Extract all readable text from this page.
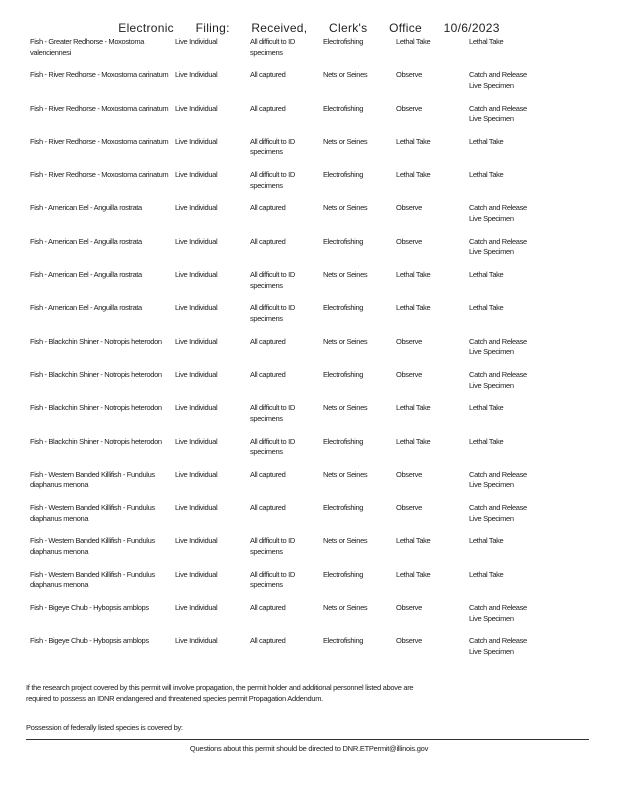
Electronic Filing: Received, Clerk's Office 10/6/2023
Fish - Greater Redhorse - Moxostoma valenciennesi	Live Individual	All difficult to ID specimens	Electrofishing	Lethal Take	Lethal Take
Fish - River Redhorse - Moxostoma carinatum	Live Individual	All captured	Nets or Seines	Observe	Catch and Release Live Specimen
Fish - River Redhorse - Moxostoma carinatum	Live Individual	All captured	Electrofishing	Observe	Catch and Release Live Specimen
Fish - River Redhorse - Moxostoma carinatum	Live Individual	All difficult to ID specimens	Nets or Seines	Lethal Take	Lethal Take
Fish - River Redhorse - Moxostoma carinatum	Live Individual	All difficult to ID specimens	Electrofishing	Lethal Take	Lethal Take
Fish - American Eel - Anguilla rostrata	Live Individual	All captured	Nets or Seines	Observe	Catch and Release Live Specimen
Fish - American Eel - Anguilla rostrata	Live Individual	All captured	Electrofishing	Observe	Catch and Release Live Specimen
Fish - American Eel - Anguilla rostrata	Live Individual	All difficult to ID specimens	Nets or Seines	Lethal Take	Lethal Take
Fish - American Eel - Anguilla rostrata	Live Individual	All difficult to ID specimens	Electrofishing	Lethal Take	Lethal Take
Fish - Blackchin Shiner - Notropis heterodon	Live Individual	All captured	Nets or Seines	Observe	Catch and Release Live Specimen
Fish - Blackchin Shiner - Notropis heterodon	Live Individual	All captured	Electrofishing	Observe	Catch and Release Live Specimen
Fish - Blackchin Shiner - Notropis heterodon	Live Individual	All difficult to ID specimens	Nets or Seines	Lethal Take	Lethal Take
Fish - Blackchin Shiner - Notropis heterodon	Live Individual	All difficult to ID specimens	Electrofishing	Lethal Take	Lethal Take
Fish - Western Banded Killifish - Fundulus diaphanus menona	Live Individual	All captured	Nets or Seines	Observe	Catch and Release Live Specimen
Fish - Western Banded Killifish - Fundulus diaphanus menona	Live Individual	All captured	Electrofishing	Observe	Catch and Release Live Specimen
Fish - Western Banded Killifish - Fundulus diaphanus menona	Live Individual	All difficult to ID specimens	Nets or Seines	Lethal Take	Lethal Take
Fish - Western Banded Killifish - Fundulus diaphanus menona	Live Individual	All difficult to ID specimens	Electrofishing	Lethal Take	Lethal Take
Fish - Bigeye Chub - Hybopsis amblops	Live Individual	All captured	Nets or Seines	Observe	Catch and Release Live Specimen
Fish - Bigeye Chub - Hybopsis amblops	Live Individual	All captured	Electrofishing	Observe	Catch and Release Live Specimen
If the research project covered by this permit will involve propagation, the permit holder and additional personnel listed above are required to possess an IDNR endangered and threatened species permit Propagation Addendum.
Possession of federally listed species is covered by:
Questions about this permit should be directed to DNR.ETPermit@illinois.gov
